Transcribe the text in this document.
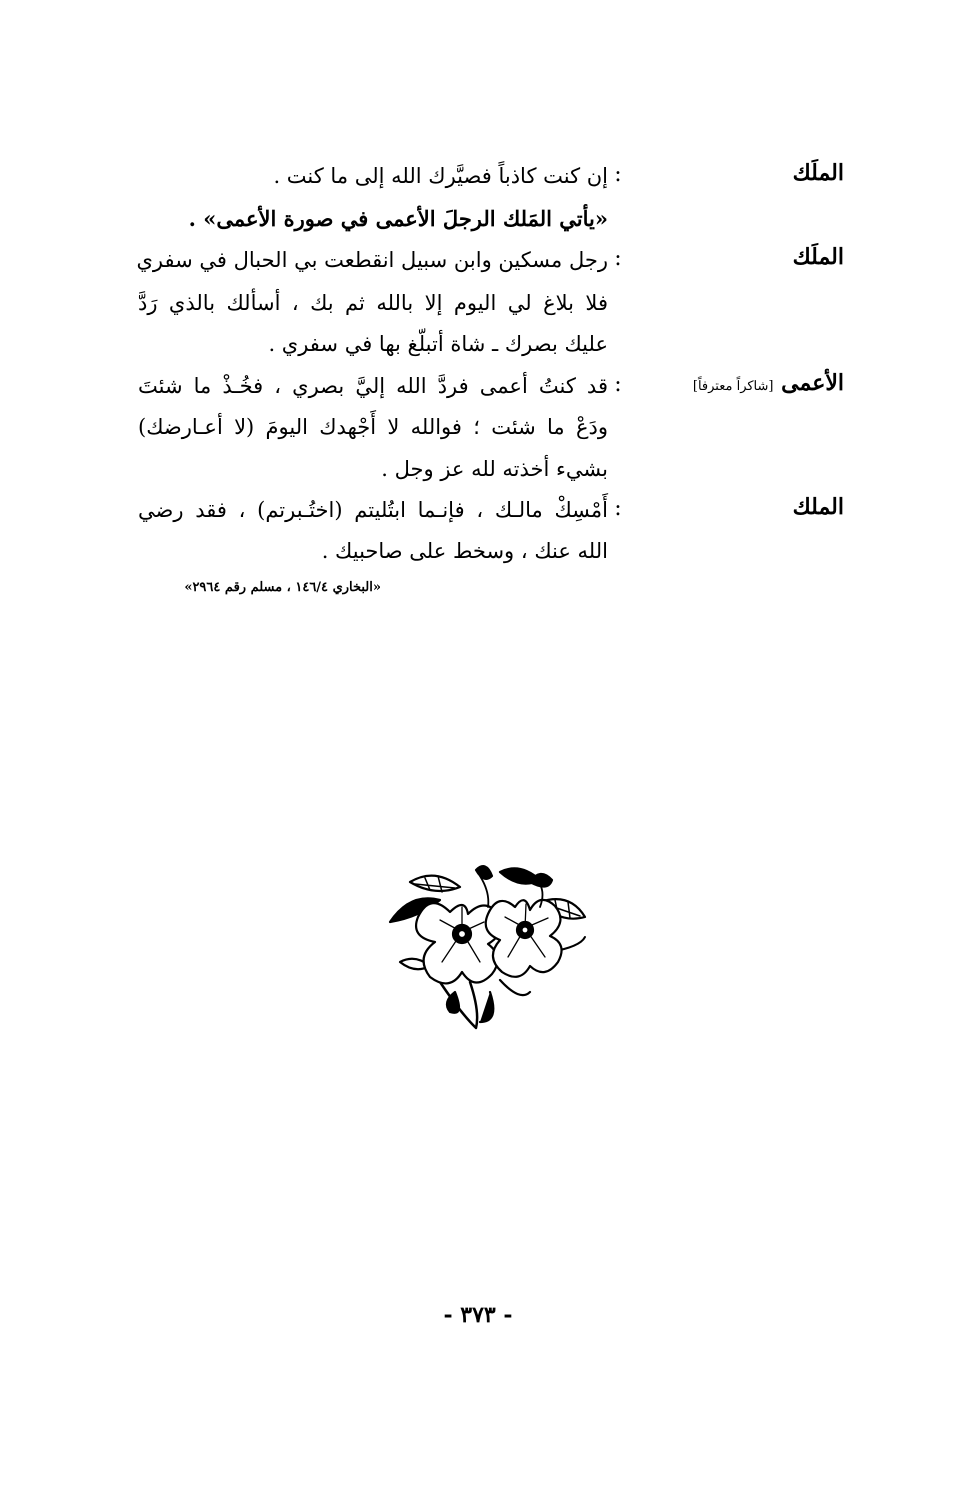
الملَك
:
إن كنت كاذباً فصيَّرك الله إلى ما كنت .
«يأتي المَلك الرجلَ الأعمى في صورة الأعمى» .
الملَك
:
رجل مسكين وابن سبيل انقطعت بي الحبال في سفري
فلا بلاغ لي اليوم إلا بالله ثم بك ، أسألك بالذي رَدَّ
عليك بصرك ـ شاة أتبلّغ بها في سفري .
الأعمى [شاكراً معترفاً]
:
قد كنتُ أعمى فردَّ الله إليَّ بصري ، فخُـذْ ما شئتَ
ودَعْ ما شئت ؛ فوالله لا أَجْهدك اليومَ (لا أعـارضك)
بشيء أخذته لله عز وجل .
الملك
:
أَمْسِكْ مالـك ، فإنـما ابتُليتم (اختُـبرتم) ، فقد رضي
الله عنك ، وسخط على صاحبيك .
«البخاري ١٤٦/٤ ، مسلم رقم ٢٩٦٤»
- ٣٧٣ -
